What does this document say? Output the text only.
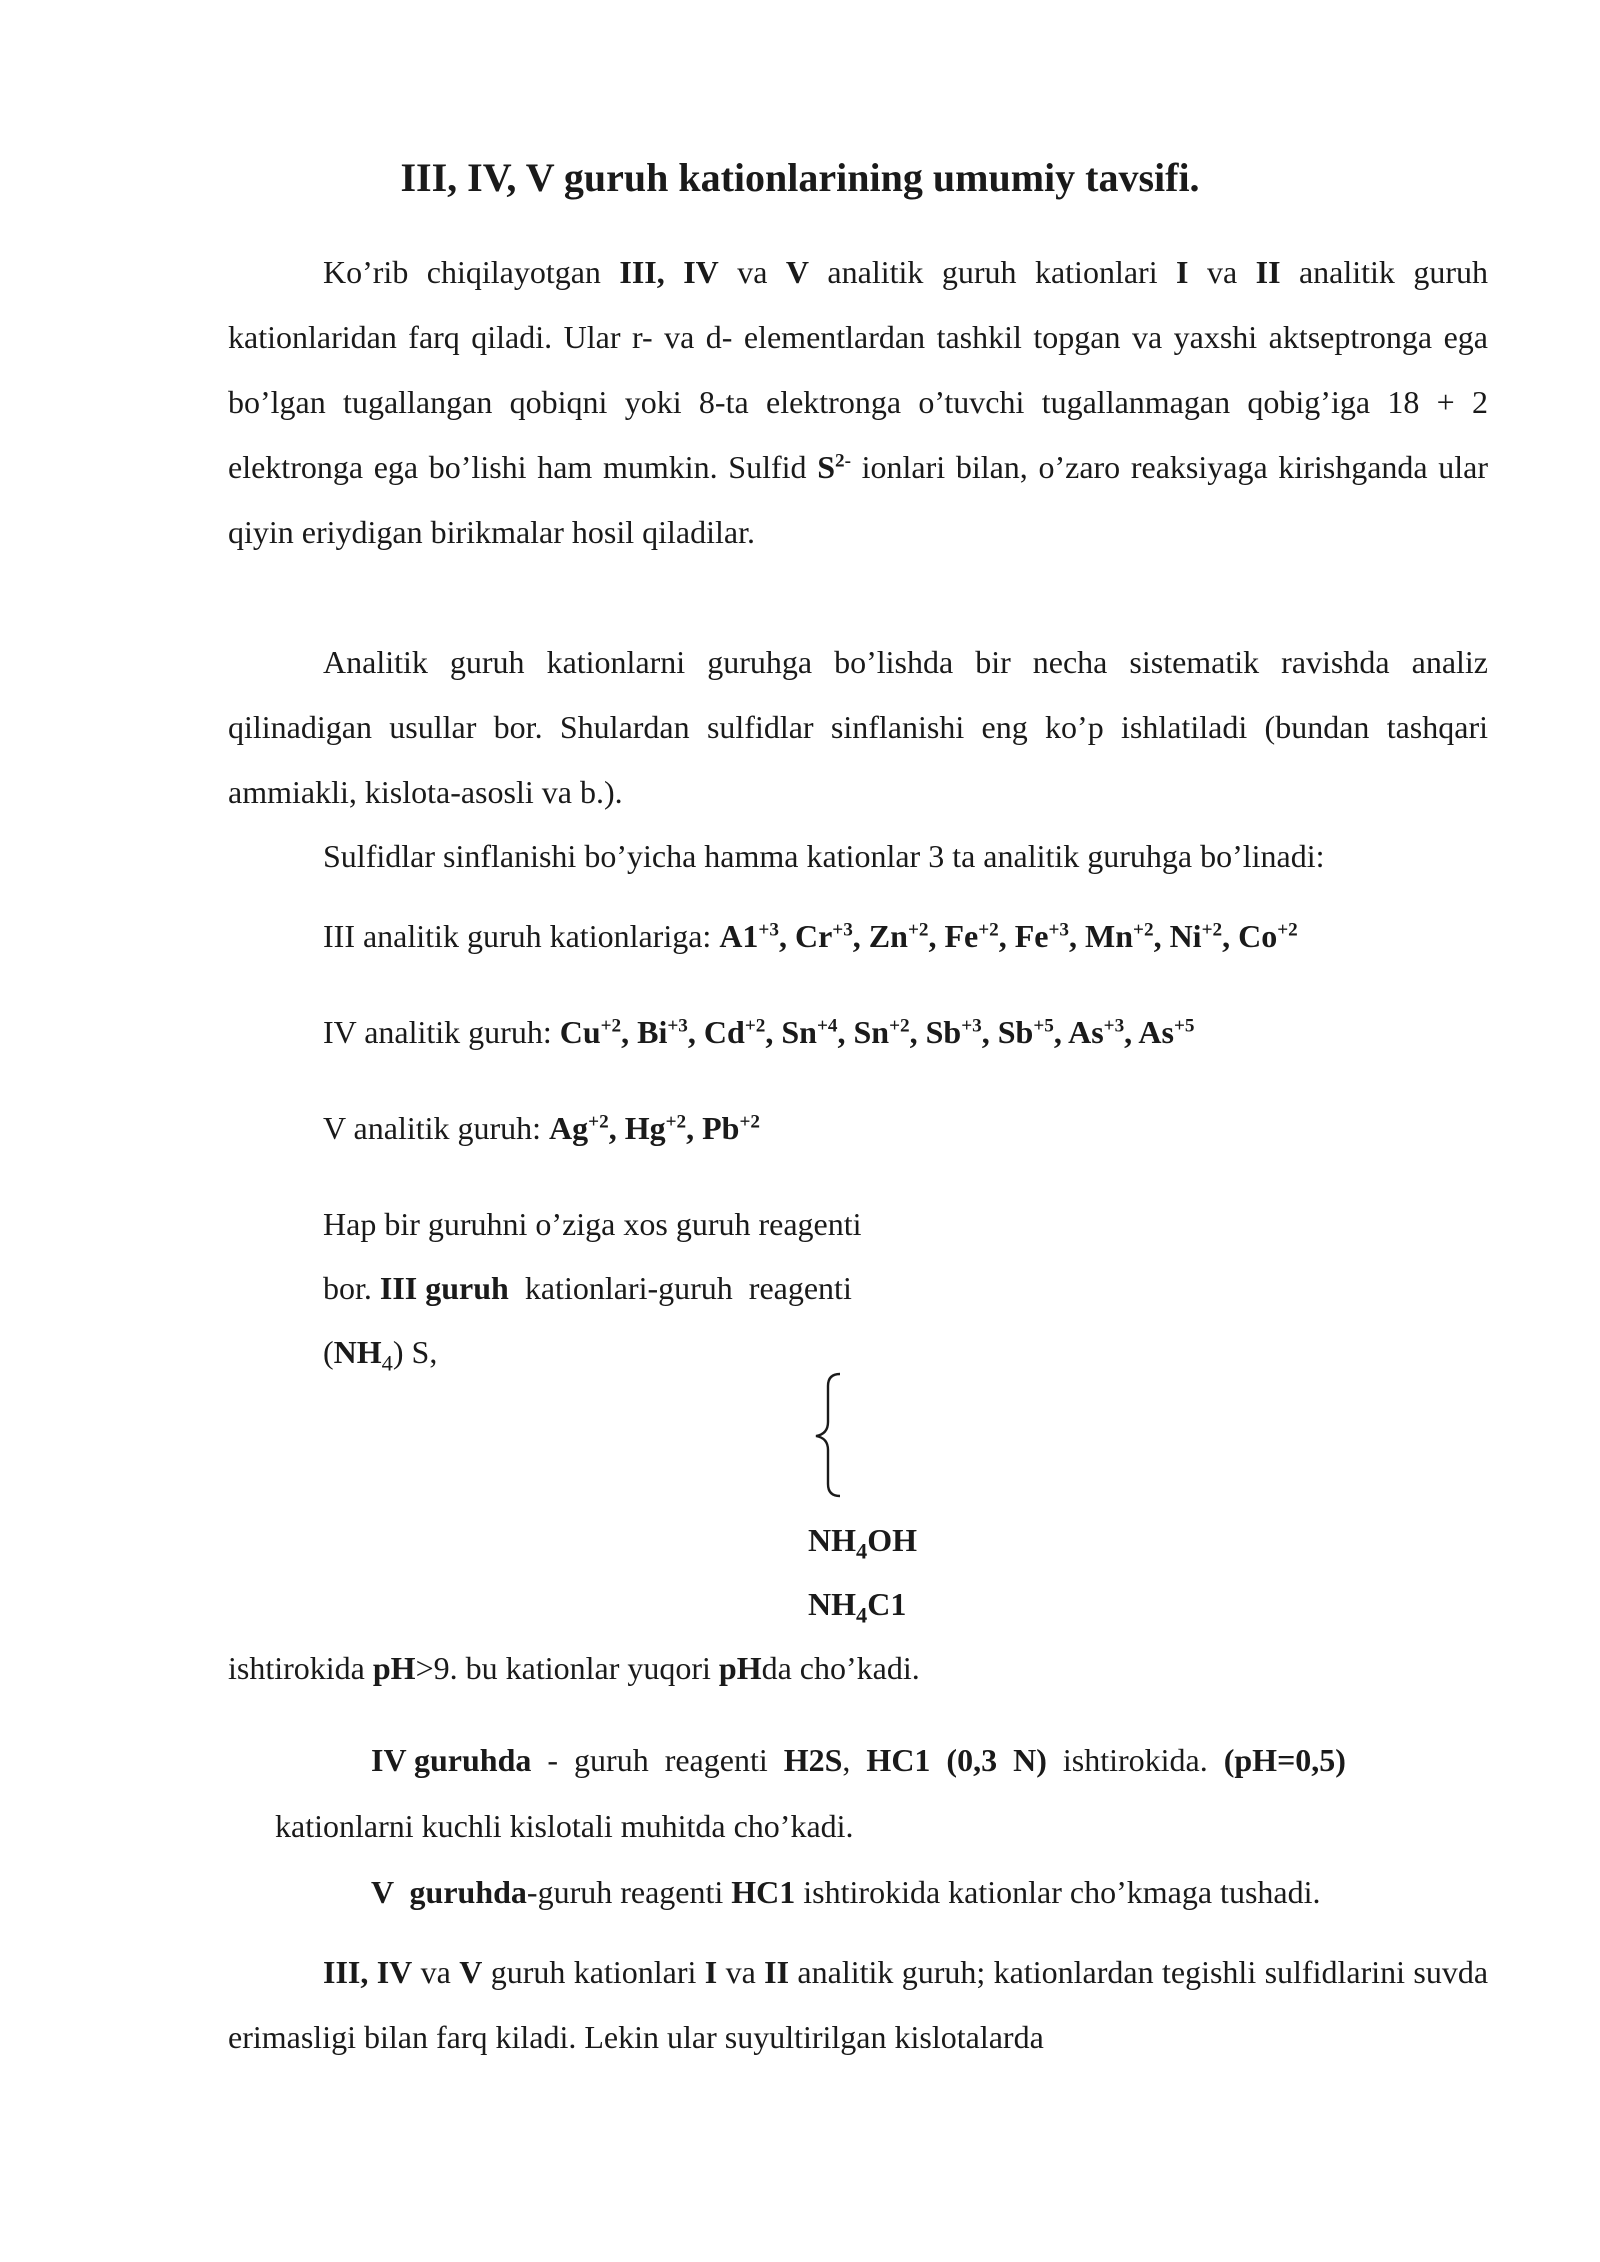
III, IV, V guruh kationlarining umumiy tavsifi.

Ko’rib chiqilayotgan III, IV va V analitik guruh kationlari I va II analitik guruh kationlaridan farq qiladi. Ular r- va d- elementlardan tashkil topgan va yaxshi aktseptronga ega bo’lgan tugallangan qobiqni yoki 8-ta elektronga o’tuvchi tugallanmagan qobig’iga 18 + 2 elektronga ega bo’lishi ham mumkin. Sulfid $S^{2-}$ ionlari bilan, o’zaro reaksiyaga kirishganda ular qiyin eriydigan birikmalar hosil qiladilar.

Analitik guruh kationlarni guruhga bo’lishda bir necha sistematik ravishda analiz qilinadigan usullar bor. Shulardan sulfidlar sinflanishi eng ko’p ishlatiladi (bundan tashqari ammiakli, kislota-asosli va b.).

Sulfidlar sinflanishi bo’yicha hamma kationlar 3 ta analitik guruhga bo’linadi:
III analitik guruh kationlariga: $A1^{+3}$, $Cr^{+3}$, $Zn^{+2}$, $Fe^{+2}$, $Fe^{+3}$, $Mn^{+2}$, $Ni^{+2}$, $Co^{+2}$
IV analitik guruh: $Cu^{+2}$, $Bi^{+3}$, $Cd^{+2}$, $Sn^{+4}$, $Sn^{+2}$, $Sb^{+3}$, $Sb^{+5}$, $As^{+3}$, $As^{+5}$
V analitik guruh: $Ag^{+2}$, $Hg^{+2}$, $Pb^{+2}$
Hap bir guruhni o’ziga xos guruh reagenti
bor. III guruh  kationlari-guruh  reagenti
$(NH_4)$ S,
$NH_4OH$
$NH_4C1$
ishtirokida pH>9. bu kationlar yuqori pHda cho’kadi.
IV guruhda  -  guruh  reagenti  H2S,  HC1  (0,3  N)  ishtirokida.  (pH=0,5)
kationlarni kuchli kislotali muhitda cho’kadi.
V  guruhda-guruh reagenti HC1 ishtirokida kationlar cho’kmaga tushadi.

III, IV va V guruh kationlari I va II analitik guruh; kationlardan tegishli sulfidlarini suvda erimasligi bilan farq kiladi. Lekin ular suyultirilgan kislotalarda
